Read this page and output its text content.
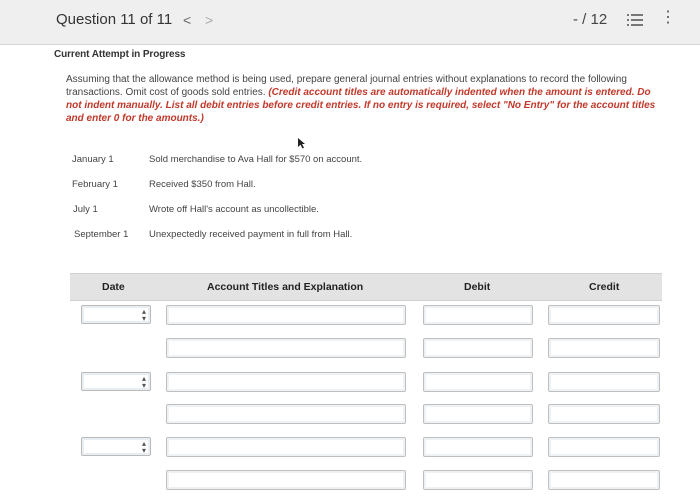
Question 11 of 11 < >	- / 12	⋮
Current Attempt in Progress
Assuming that the allowance method is being used, prepare general journal entries without explanations to record the following transactions. Omit cost of goods sold entries. (Credit account titles are automatically indented when the amount is entered. Do not indent manually. List all debit entries before credit entries. If no entry is required, select "No Entry" for the account titles and enter 0 for the amounts.)
January 1	Sold merchandise to Ava Hall for $570 on account.
February 1	Received $350 from Hall.
July 1	Wrote off Hall's account as uncollectible.
September 1 Unexpectedly received payment in full from Hall.
Date	Account Titles and Explanation	Debit	Credit
▴
▾
▴
▾
▴
▾
